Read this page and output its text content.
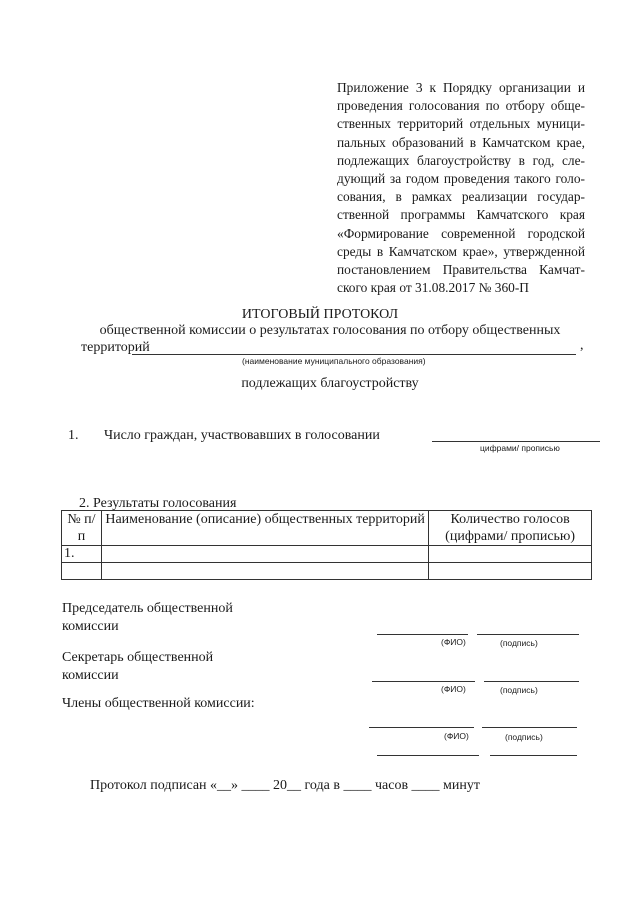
Приложение 3 к Порядку организации и
проведения голосования по отбору обще-
ственных территорий отдельных муници-
пальных образований в Камчатском крае,
подлежащих благоустройству в год, сле-
дующий за годом проведения такого голо-
сования, в рамках реализации государ-
ственной программы Камчатского края
«Формирование современной городской
среды в Камчатском крае», утвержденной
постановлением Правительства Камчат-
ского края от 31.08.2017 № 360-П
ИТОГОВЫЙ ПРОТОКОЛ
общественной комиссии о результатах голосования по отбору общественных
территорий	,
(наименование муниципального образования)
подлежащих благоустройству
1. Число граждан, участвовавших в голосовании
цифрами/ прописью
2. Результаты голосования
№ п/п	Наименование (описание) общественных территорий	Количество голосов (цифрами/ прописью)
1.		

Председатель общественной
комиссии
(ФИО)	(подпись)
Секретарь общественной
комиссии
(ФИО)	(подпись)
Члены общественной комиссии:
(ФИО)	(подпись)
Протокол подписан «__» ____ 20__ года в ____ часов ____ минут
